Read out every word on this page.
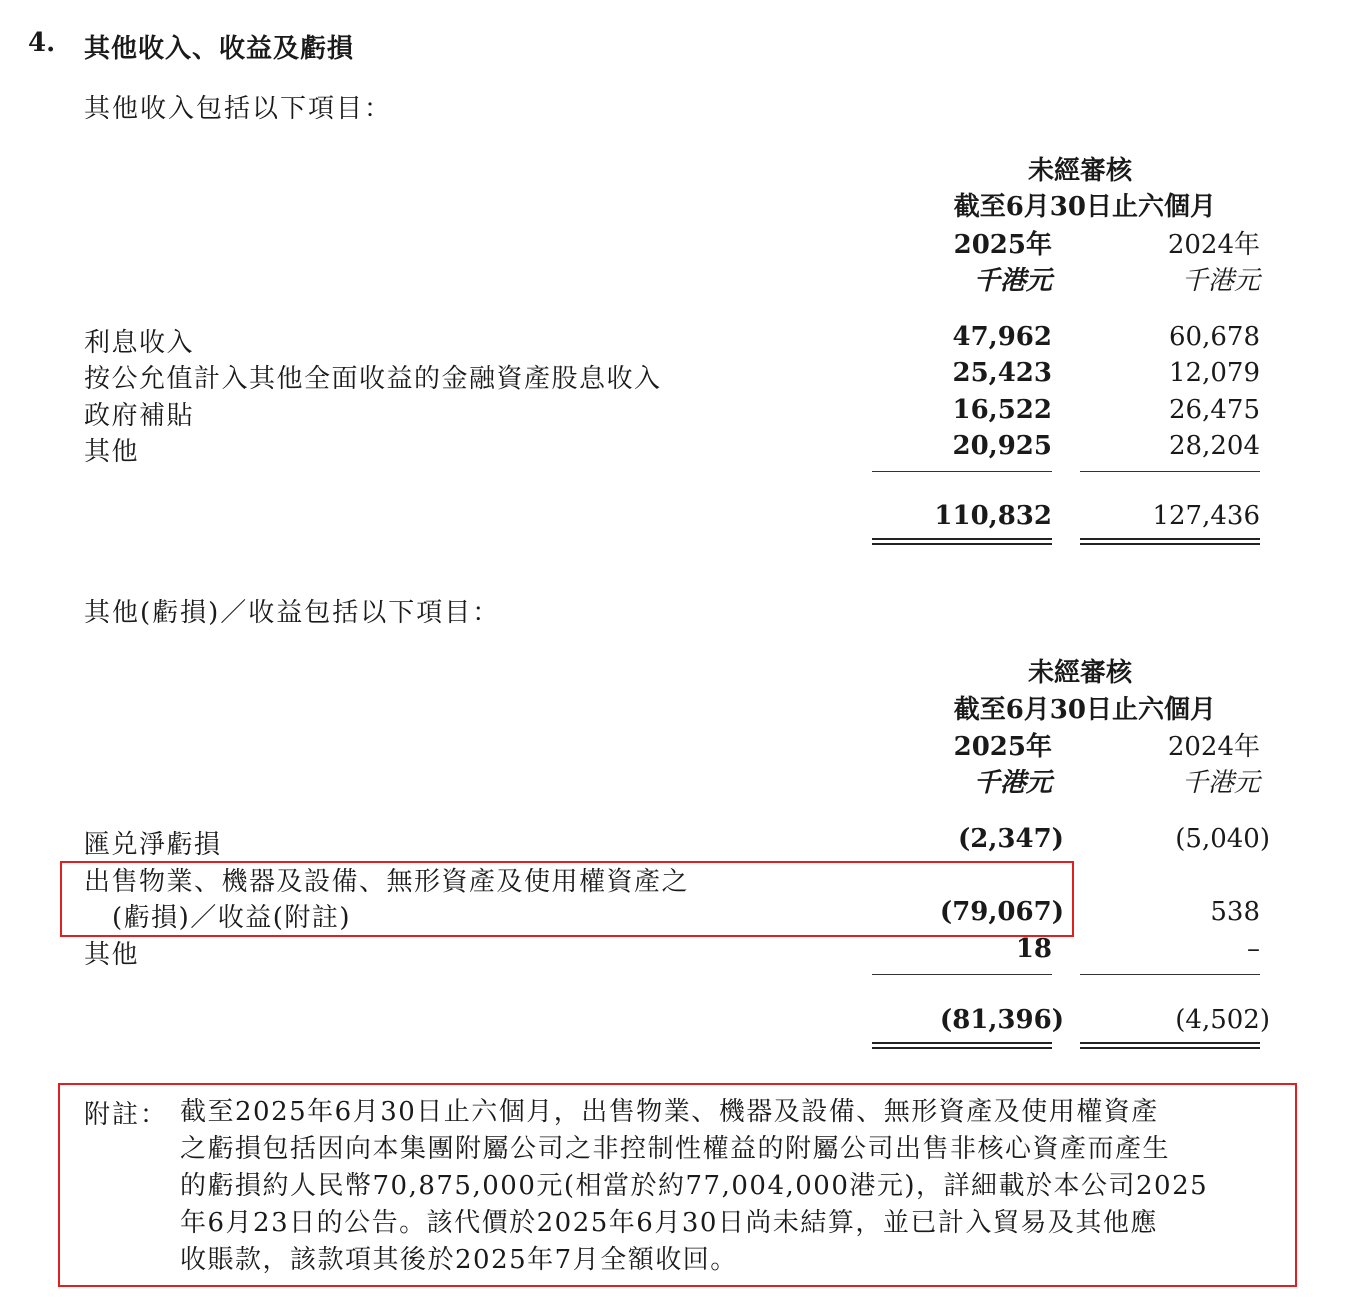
4. 其他收入、收益及虧損
其他收入包括以下項目：
未經審核
截至6月30日止六個月
2025年	2024年
千港元	千港元
利息收入	47,962	60,678
按公允值計入其他全面收益的金融資產股息收入	25,423	12,079
政府補貼	16,522	26,475
其他	20,925	28,204
110,832	127,436
其他(虧損)／收益包括以下項目：
未經審核
截至6月30日止六個月
2025年	2024年
千港元	千港元
匯兑淨虧損	(2,347)	(5,040)
出售物業、機器及設備、無形資產及使用權資產之
(虧損)／收益(附註)	(79,067)	538
其他	18	–
(81,396)	(4,502)
附註： 截至2025年6月30日止六個月，出售物業、機器及設備、無形資產及使用權資產
之虧損包括因向本集團附屬公司之非控制性權益的附屬公司出售非核心資產而產生
的虧損約人民幣70,875,000元(相當於約77,004,000港元)，詳細載於本公司2025
年6月23日的公告。該代價於2025年6月30日尚未結算，並已計入貿易及其他應
收賬款，該款項其後於2025年7月全額收回。
